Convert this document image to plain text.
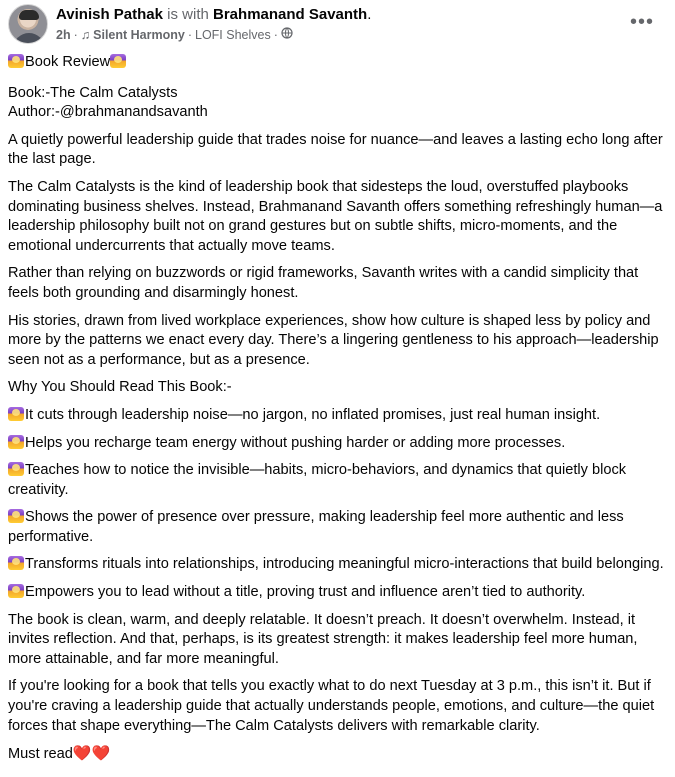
Avinish Pathak is with Brahmanand Savanth.
2h · ♫ Silent Harmony · LOFI Shelves ·
•••

Book Review

Book:-The Calm Catalysts

Author:-@brahmanandsavanth

A quietly powerful leadership guide that trades noise for nuance—and leaves a lasting echo long after the last page.

The Calm Catalysts is the kind of leadership book that sidesteps the loud, overstuffed playbooks dominating business shelves. Instead, Brahmanand Savanth offers something refreshingly human—a leadership philosophy built not on grand gestures but on subtle shifts, micro-moments, and the emotional undercurrents that actually move teams.

Rather than relying on buzzwords or rigid frameworks, Savanth writes with a candid simplicity that feels both grounding and disarmingly honest.

His stories, drawn from lived workplace experiences, show how culture is shaped less by policy and more by the patterns we enact every day. There’s a lingering gentleness to his approach—leadership seen not as a performance, but as a presence.

Why You Should Read This Book:-

It cuts through leadership noise—no jargon, no inflated promises, just real human insight.

Helps you recharge team energy without pushing harder or adding more processes.

Teaches how to notice the invisible—habits, micro-behaviors, and dynamics that quietly block creativity.

Shows the power of presence over pressure, making leadership feel more authentic and less performative.

Transforms rituals into relationships, introducing meaningful micro-interactions that build belonging.

Empowers you to lead without a title, proving trust and influence aren’t tied to authority.

The book is clean, warm, and deeply relatable. It doesn’t preach. It doesn’t overwhelm. Instead, it invites reflection. And that, perhaps, is its greatest strength: it makes leadership feel more human, more attainable, and far more meaningful.

If you're looking for a book that tells you exactly what to do next Tuesday at 3 p.m., this isn’t it. But if you're craving a leadership guide that actually understands people, emotions, and culture—the quiet forces that shape everything—The Calm Catalysts delivers with remarkable clarity.

Must read❤️❤️
